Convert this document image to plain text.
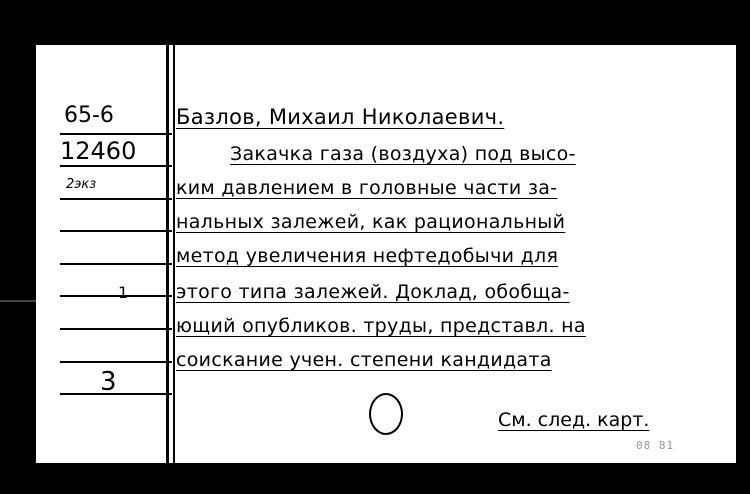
65-6
12460
2экз
1
3
Базлов, Михаил Николаевич.
Закачка газа (воздуха) под высо-
ким давлением в головные части за-
нальных залежей, как рациональный
метод увеличения нефтедобычи для
этого типа залежей. Доклад, обобща-
ющий опубликов. труды, представл. на
соискание учен. степени кандидата
См. след. карт.
08 81
